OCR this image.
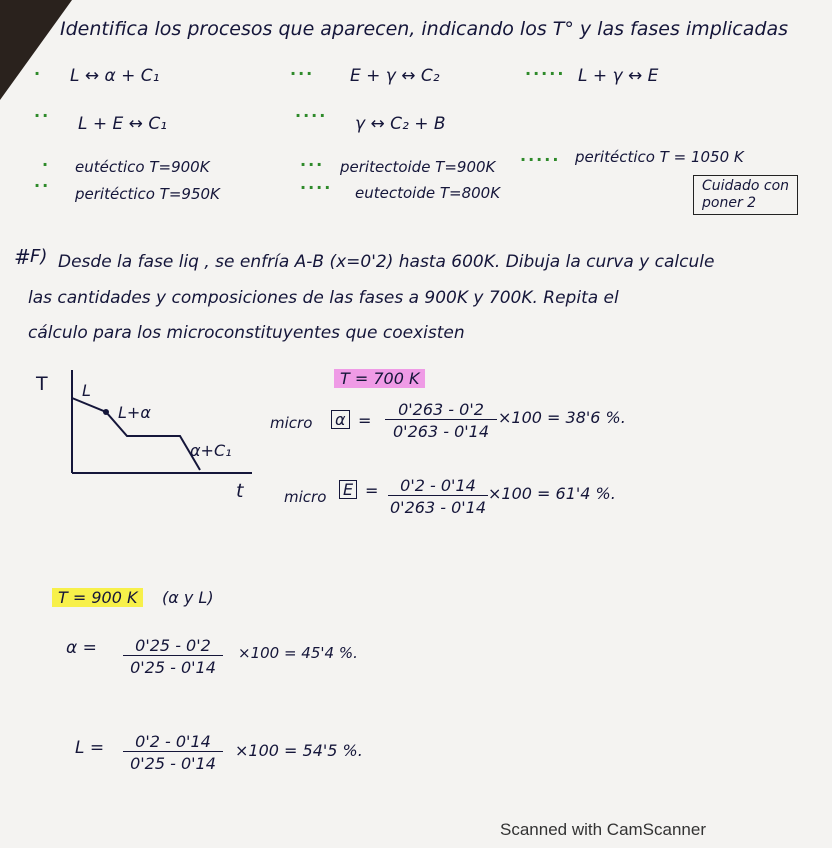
Identifica los procesos que aparecen, indicando los T° y las fases implicadas
· L ↔ α + C₁	··· E + γ ↔ C₂	····· L + γ ↔ E
·· L + E ↔ C₁	···· γ ↔ C₂ + B
· eutéctico T=900K	··· peritectoide T=900K ····· peritéctico T = 1050 K
·· peritéctico T=950K	···· eutectoide T=800K	Cuidado con
poner 2
# F) Desde la fase liq , se enfría A-B (x=0'2) hasta 600K. Dibuja la curva y calcule
las cantidades y composiciones de las fases a 900K y 700K. Repita el
cálculo para los microconstituyentes que coexisten
T L
L+α
α+C₁
t
T = 700 K
micro $\alpha = \frac{0'263 - 0'2}{0'263 - 0'14} \times 100 = 38'6$ %.
micro $E = \frac{0'2 - 0'14}{0'263 - 0'14} \times 100 = 61'4$ %.
T = 900 K	(α y L)
$\alpha = \frac{0'25 - 0'2}{0'25 - 0'14} \times 100 = 45'4$ %.
$L = \frac{0'2 - 0'14}{0'25 - 0'14} \times 100 = 54'5$ %.
Scanned with CamScanner
